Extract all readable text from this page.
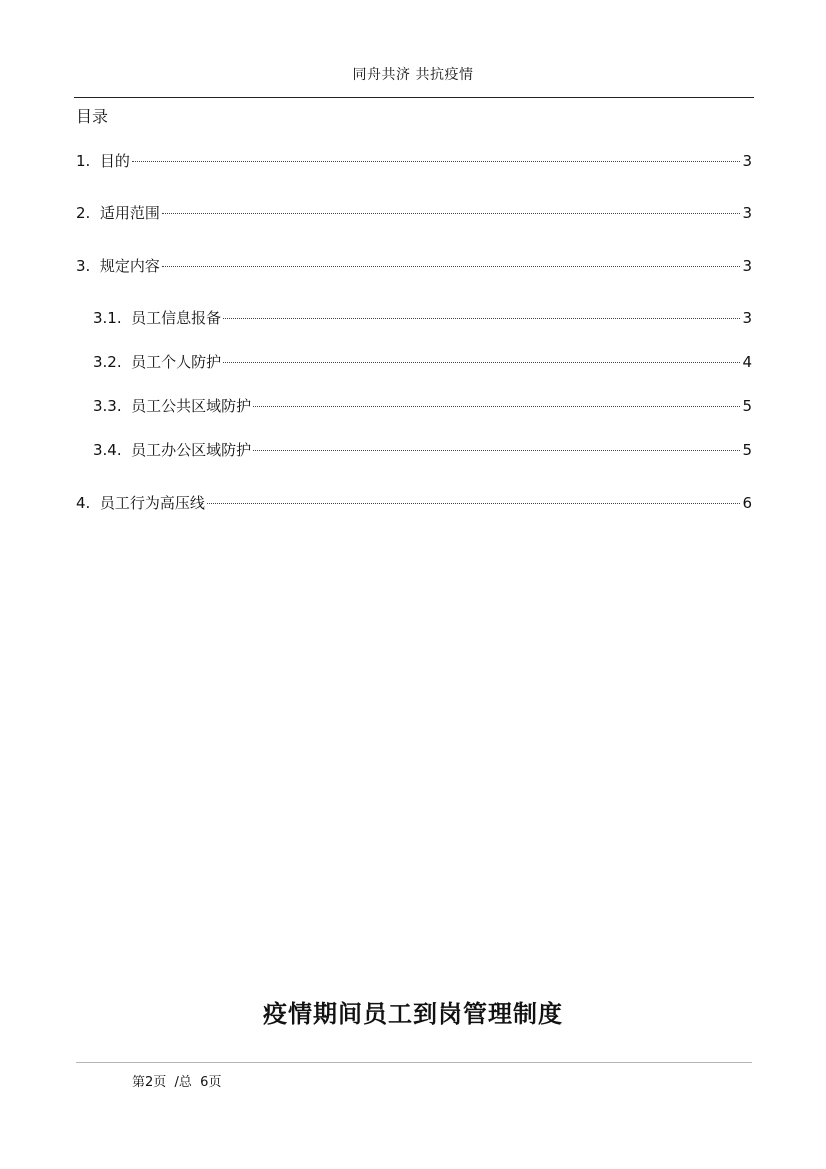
同舟共济 共抗疫情
目录
1. 目的	3
2. 适用范围	3
3. 规定内容	3
3.1. 员工信息报备	3
3.2. 员工个人防护	4
3.3. 员工公共区域防护	5
3.4. 员工办公区域防护	5
4. 员工行为高压线	6
疫情期间员工到岗管理制度
第2页  /总  6页
